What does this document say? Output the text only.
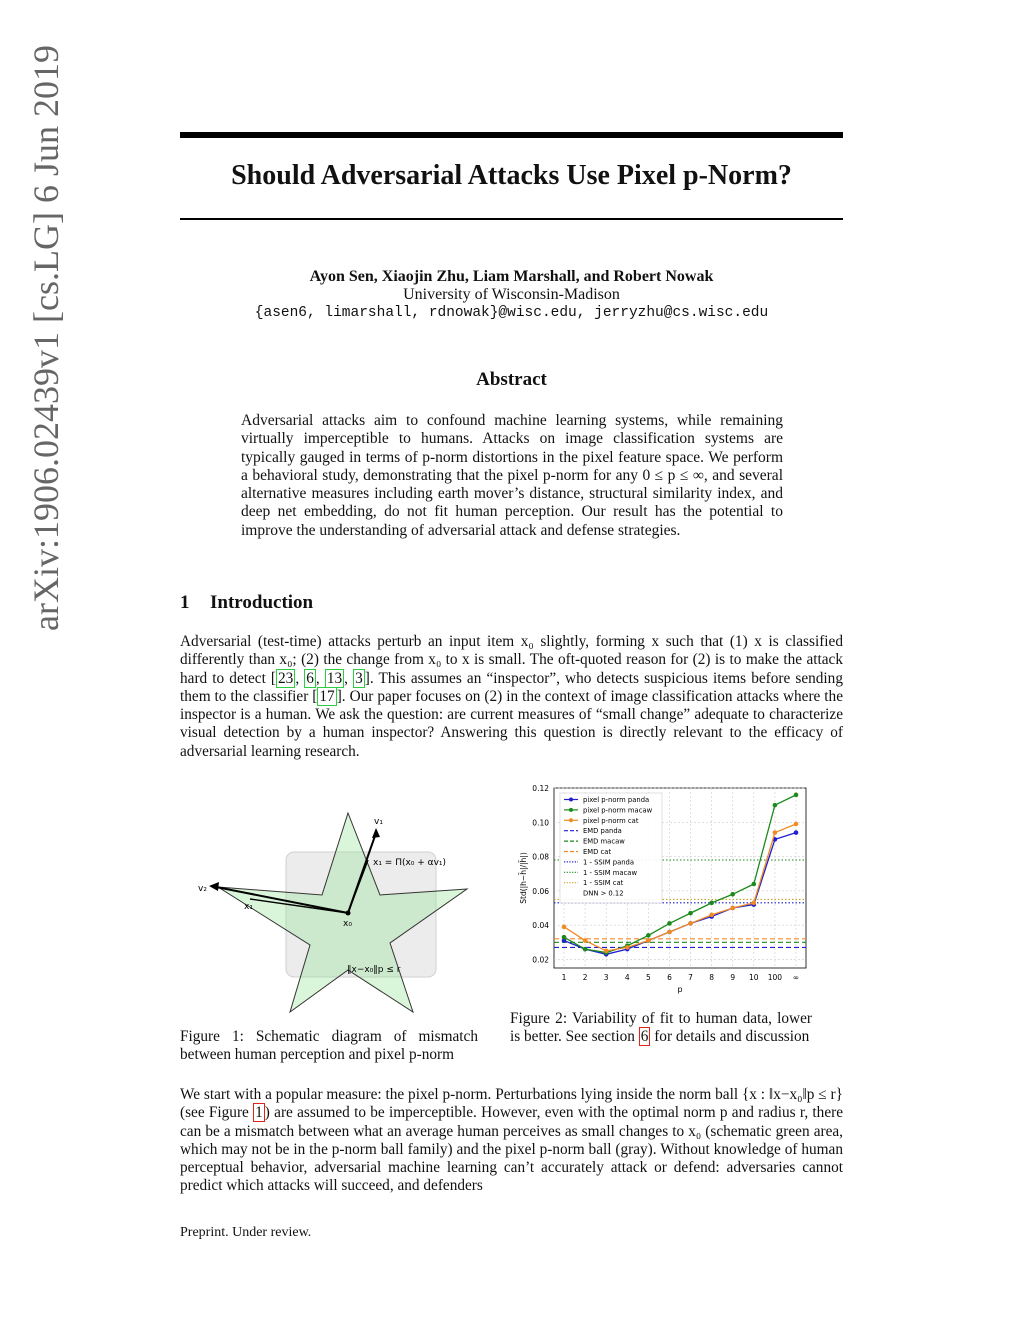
arXiv:1906.02439v1 [cs.LG] 6 Jun 2019	Should Adversarial Attacks Use Pixel p-Norm?
Ayon Sen, Xiaojin Zhu, Liam Marshall, and Robert Nowak
University of Wisconsin-Madison
{asen6, limarshall, rdnowak}@wisc.edu, jerryzhu@cs.wisc.edu
Abstract
Adversarial attacks aim to confound machine learning systems, while remaining virtually imperceptible to humans. Attacks on image classification systems are typically gauged in terms of p-norm distortions in the pixel feature space. We perform a behavioral study, demonstrating that the pixel p-norm for any 0 ≤ p ≤ ∞, and several alternative measures including earth mover’s distance, structural similarity index, and deep net embedding, do not fit human perception. Our result has the potential to improve the understanding of adversarial attack and defense strategies.
1 Introduction

Adversarial (test-time) attacks perturb an input item x₀ slightly, forming x such that (1) x is classified differently than x₀; (2) the change from x₀ to x is small. The oft-quoted reason for (2) is to make the attack hard to detect [ 23 , 6 , 13 , 3 ]. This assumes an “inspector”, who detects suspicious items before sending them to the classifier [ 17 ]. Our paper focuses on (2) in the context of image classification attacks where the inspector is a human. We ask the question: are current measures of “small change” adequate to characterize visual detection by a human inspector? Answering this question is directly relevant to the efficacy of adversarial learning research.

v₁
v₂
x₀
x₁
x₁ = Π(x₀ + αv₁)
‖x−x₀‖p ≤ r
Figure 1: Schematic diagram of mismatch between human perception and pixel p-norm
1 2 3 4 5 6 7 8 9 10 100 ∞
0.02
0.04
0.06
0.08
0.10
0.12
p
Std(|h−h̄|/|h̄|)
pixel p-norm panda
pixel p-norm macaw
pixel p-norm cat
EMD panda
EMD macaw
EMD cat
1 - SSIM panda
1 - SSIM macaw
1 - SSIM cat
DNN > 0.12
Figure 2: Variability of fit to human data, lower is better. See section 6 for details and discussion

We start with a popular measure: the pixel p-norm. Perturbations lying inside the norm ball {x : ‖x−x₀‖p ≤ r} (see Figure 1 ) are assumed to be imperceptible. However, even with the optimal norm p and radius r, there can be a mismatch between what an average human perceives as small changes to x₀ (schematic green area, which may not be in the p-norm ball family) and the pixel p-norm ball (gray). Without knowledge of human perceptual behavior, adversarial machine learning can’t accurately attack or defend: adversaries cannot predict which attacks will succeed, and defenders

Preprint. Under review.
